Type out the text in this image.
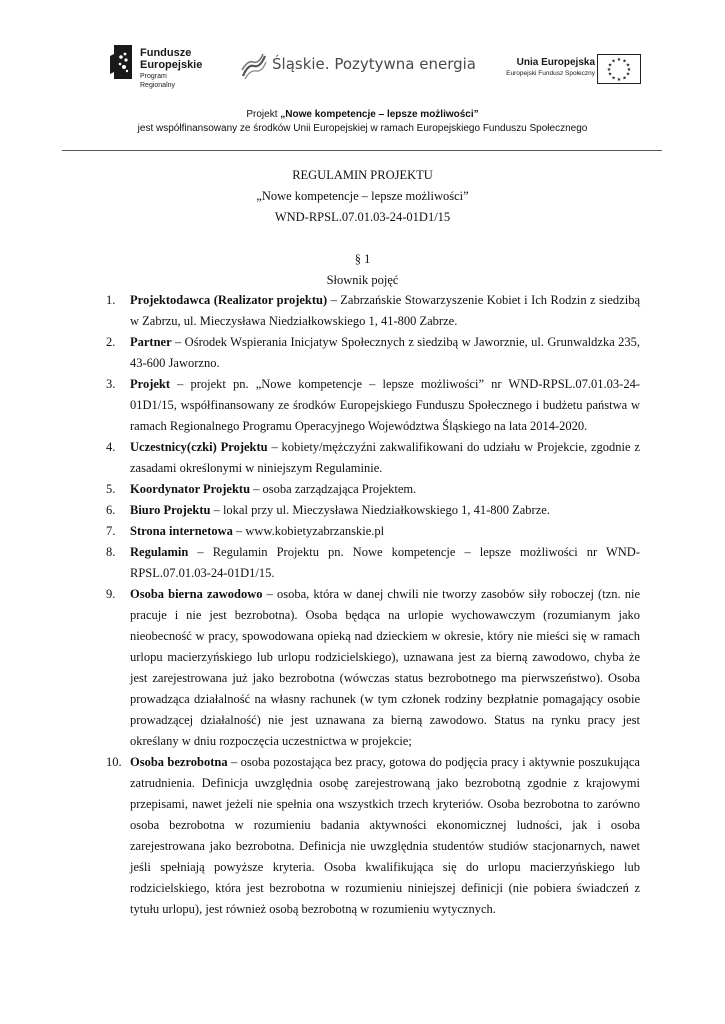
Fundusze
Europejskie
Program Regionalny
Śląskie. Pozytywna energia	Unia Europejska
Europejski Fundusz Społeczny
★ ★
★
★
★
★
★
★
★
★
★
★
Projekt „Nowe kompetencje – lepsze możliwości”
jest współfinansowany ze środków Unii Europejskiej w ramach Europejskiego Funduszu Społecznego
REGULAMIN PROJEKTU
„Nowe kompetencje – lepsze możliwości”
WND-RPSL.07.01.03-24-01D1/15
§ 1
Słownik pojęć
1.	Projektodawca (Realizator projektu) – Zabrzańskie Stowarzyszenie Kobiet i Ich Rodzin z siedzibą w Zabrzu, ul. Mieczysława Niedziałkowskiego 1, 41-800 Zabrze.
2.	Partner – Ośrodek Wspierania Inicjatyw Społecznych z siedzibą w Jaworznie, ul. Grunwaldzka 235, 43-600 Jaworzno.
3.	Projekt – projekt pn. „Nowe kompetencje – lepsze możliwości” nr WND-RPSL.07.01.03-24-01D1/15, współfinansowany ze środków Europejskiego Funduszu Społecznego i budżetu państwa w ramach Regionalnego Programu Operacyjnego Województwa Śląskiego na lata 2014-2020.
4.	Uczestnicy(czki) Projektu – kobiety/mężczyźni zakwalifikowani do udziału w Projekcie, zgodnie z zasadami określonymi w niniejszym Regulaminie.
5.	Koordynator Projektu – osoba zarządzająca Projektem.
6.	Biuro Projektu – lokal przy ul. Mieczysława Niedziałkowskiego 1, 41-800 Zabrze.
7.	Strona internetowa – www.kobietyzabrzanskie.pl
8.	Regulamin – Regulamin Projektu pn. Nowe kompetencje – lepsze możliwości nr WND-RPSL.07.01.03-24-01D1/15.
9.	Osoba bierna zawodowo – osoba, która w danej chwili nie tworzy zasobów siły roboczej (tzn. nie pracuje i nie jest bezrobotna). Osoba będąca na urlopie wychowawczym (rozumianym jako nieobecność w pracy, spowodowana opieką nad dzieckiem w okresie, który nie mieści się w ramach urlopu macierzyńskiego lub urlopu rodzicielskiego), uznawana jest za bierną zawodowo, chyba że jest zarejestrowana już jako bezrobotna (wówczas status bezrobotnego ma pierwszeństwo). Osoba prowadząca działalność na własny rachunek (w tym członek rodziny bezpłatnie pomagający osobie prowadzącej działalność) nie jest uznawana za bierną zawodowo. Status na rynku pracy jest określany w dniu rozpoczęcia uczestnictwa w projekcie;
10. Osoba bezrobotna – osoba pozostająca bez pracy, gotowa do podjęcia pracy i aktywnie poszukująca zatrudnienia. Definicja uwzględnia osobę zarejestrowaną jako bezrobotną zgodnie z krajowymi przepisami, nawet jeżeli nie spełnia ona wszystkich trzech kryteriów. Osoba bezrobotna to zarówno osoba bezrobotna w rozumieniu badania aktywności ekonomicznej ludności, jak i osoba zarejestrowana jako bezrobotna. Definicja nie uwzględnia studentów studiów stacjonarnych, nawet jeśli spełniają powyższe kryteria. Osoba kwalifikująca się do urlopu macierzyńskiego lub rodzicielskiego, która jest bezrobotna w rozumieniu niniejszej definicji (nie pobiera świadczeń z tytułu urlopu), jest również osobą bezrobotną w rozumieniu wytycznych.
